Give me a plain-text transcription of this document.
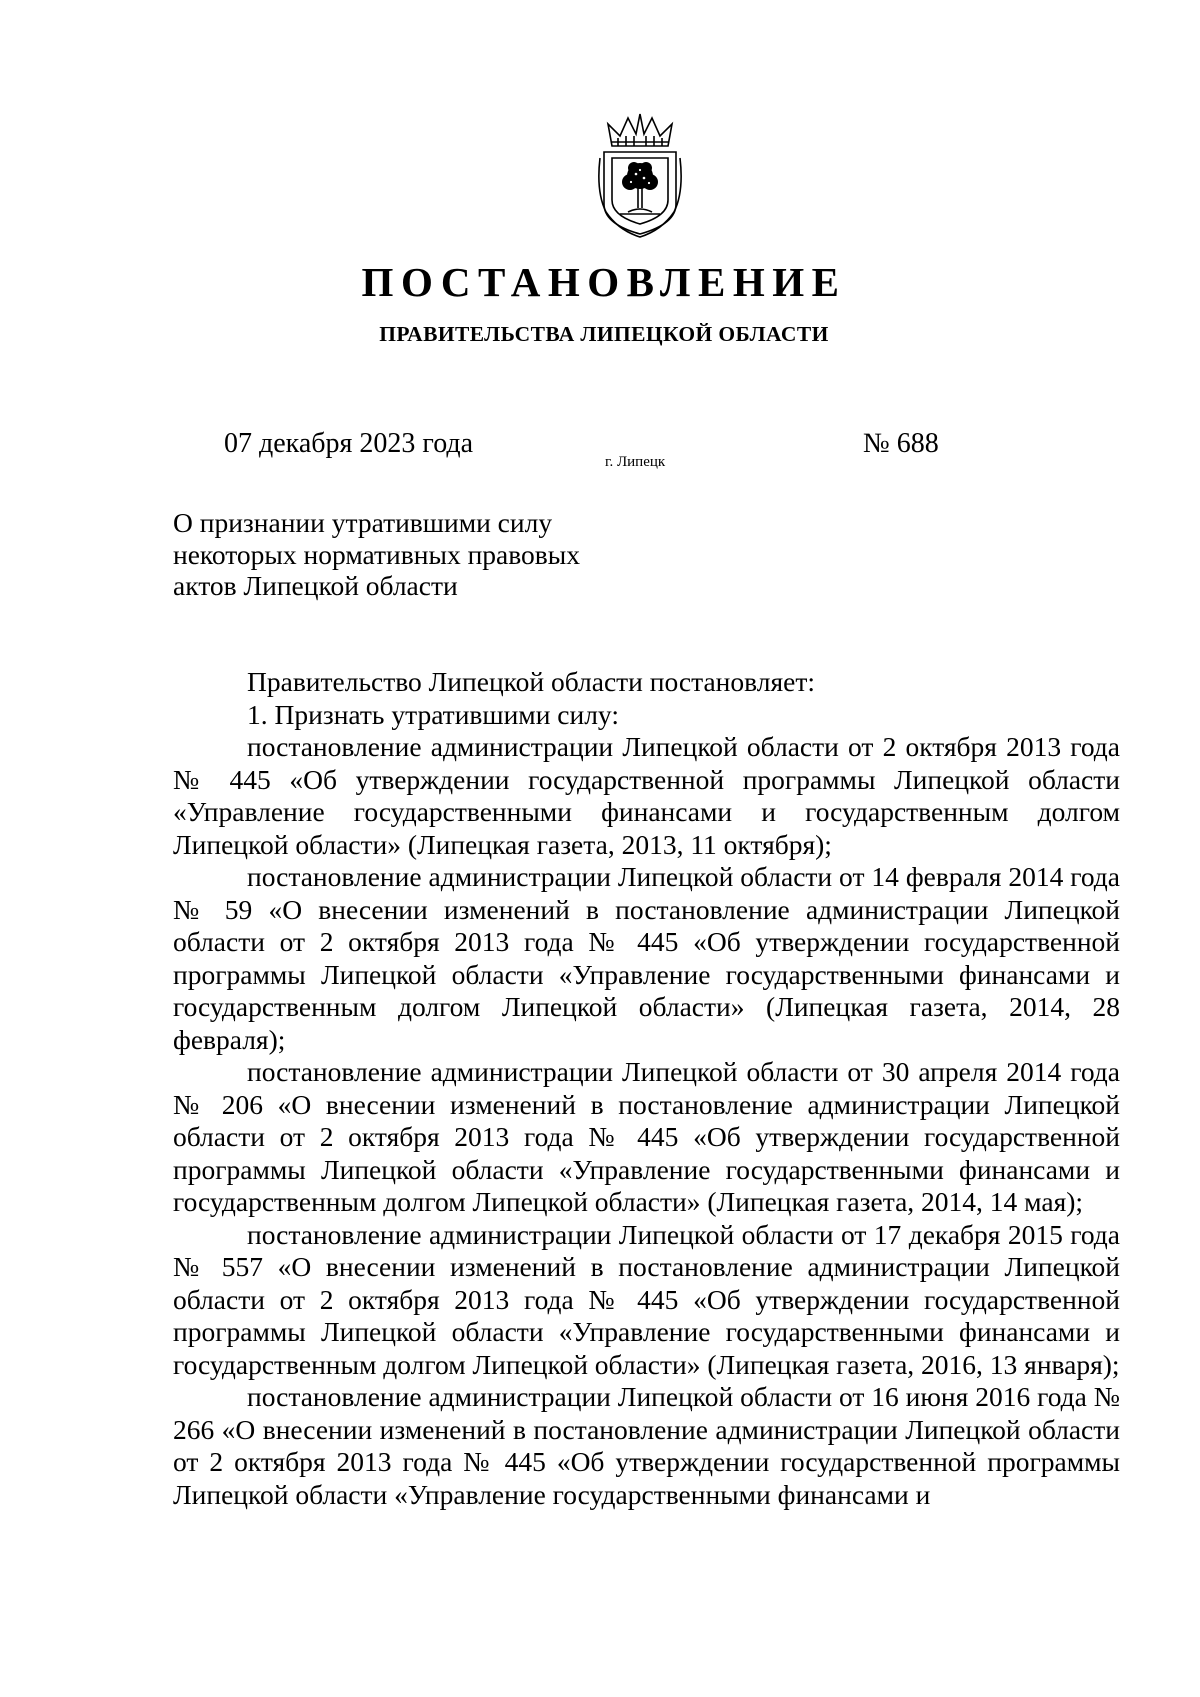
ПОСТАНОВЛЕНИЕ
ПРАВИТЕЛЬСТВА ЛИПЕЦКОЙ ОБЛАСТИ
07 декабря 2023 года
г. Липецк
№ 688
О признании утратившими силу
некоторых нормативных правовых
актов Липецкой области

Правительство Липецкой области постановляет:

1. Признать утратившими силу:

постановление администрации Липецкой области от 2 октября 2013 года № 445 «Об утверждении государственной программы Липецкой области «Управление государственными финансами и государственным долгом Липецкой области» (Липецкая газета, 2013, 11 октября);

постановление администрации Липецкой области от 14 февраля 2014 года № 59 «О внесении изменений в постановление администрации Липецкой области от 2 октября 2013 года № 445 «Об утверждении государственной программы Липецкой области «Управление государственными финансами и государственным долгом Липецкой области» (Липецкая газета, 2014, 28 февраля);

постановление администрации Липецкой области от 30 апреля 2014 года № 206 «О внесении изменений в постановление администрации Липецкой области от 2 октября 2013 года № 445 «Об утверждении государственной программы Липецкой области «Управление государственными финансами и государственным долгом Липецкой области» (Липецкая газета, 2014, 14 мая);

постановление администрации Липецкой области от 17 декабря 2015 года № 557 «О внесении изменений в постановление администрации Липецкой области от 2 октября 2013 года № 445 «Об утверждении государственной программы Липецкой области «Управление государственными финансами и государственным долгом Липецкой области» (Липецкая газета, 2016, 13 января);

постановление администрации Липецкой области от 16 июня 2016 года № 266 «О внесении изменений в постановление администрации Липецкой области от 2 октября 2013 года № 445 «Об утверждении государственной программы Липецкой области «Управление государственными финансами и
